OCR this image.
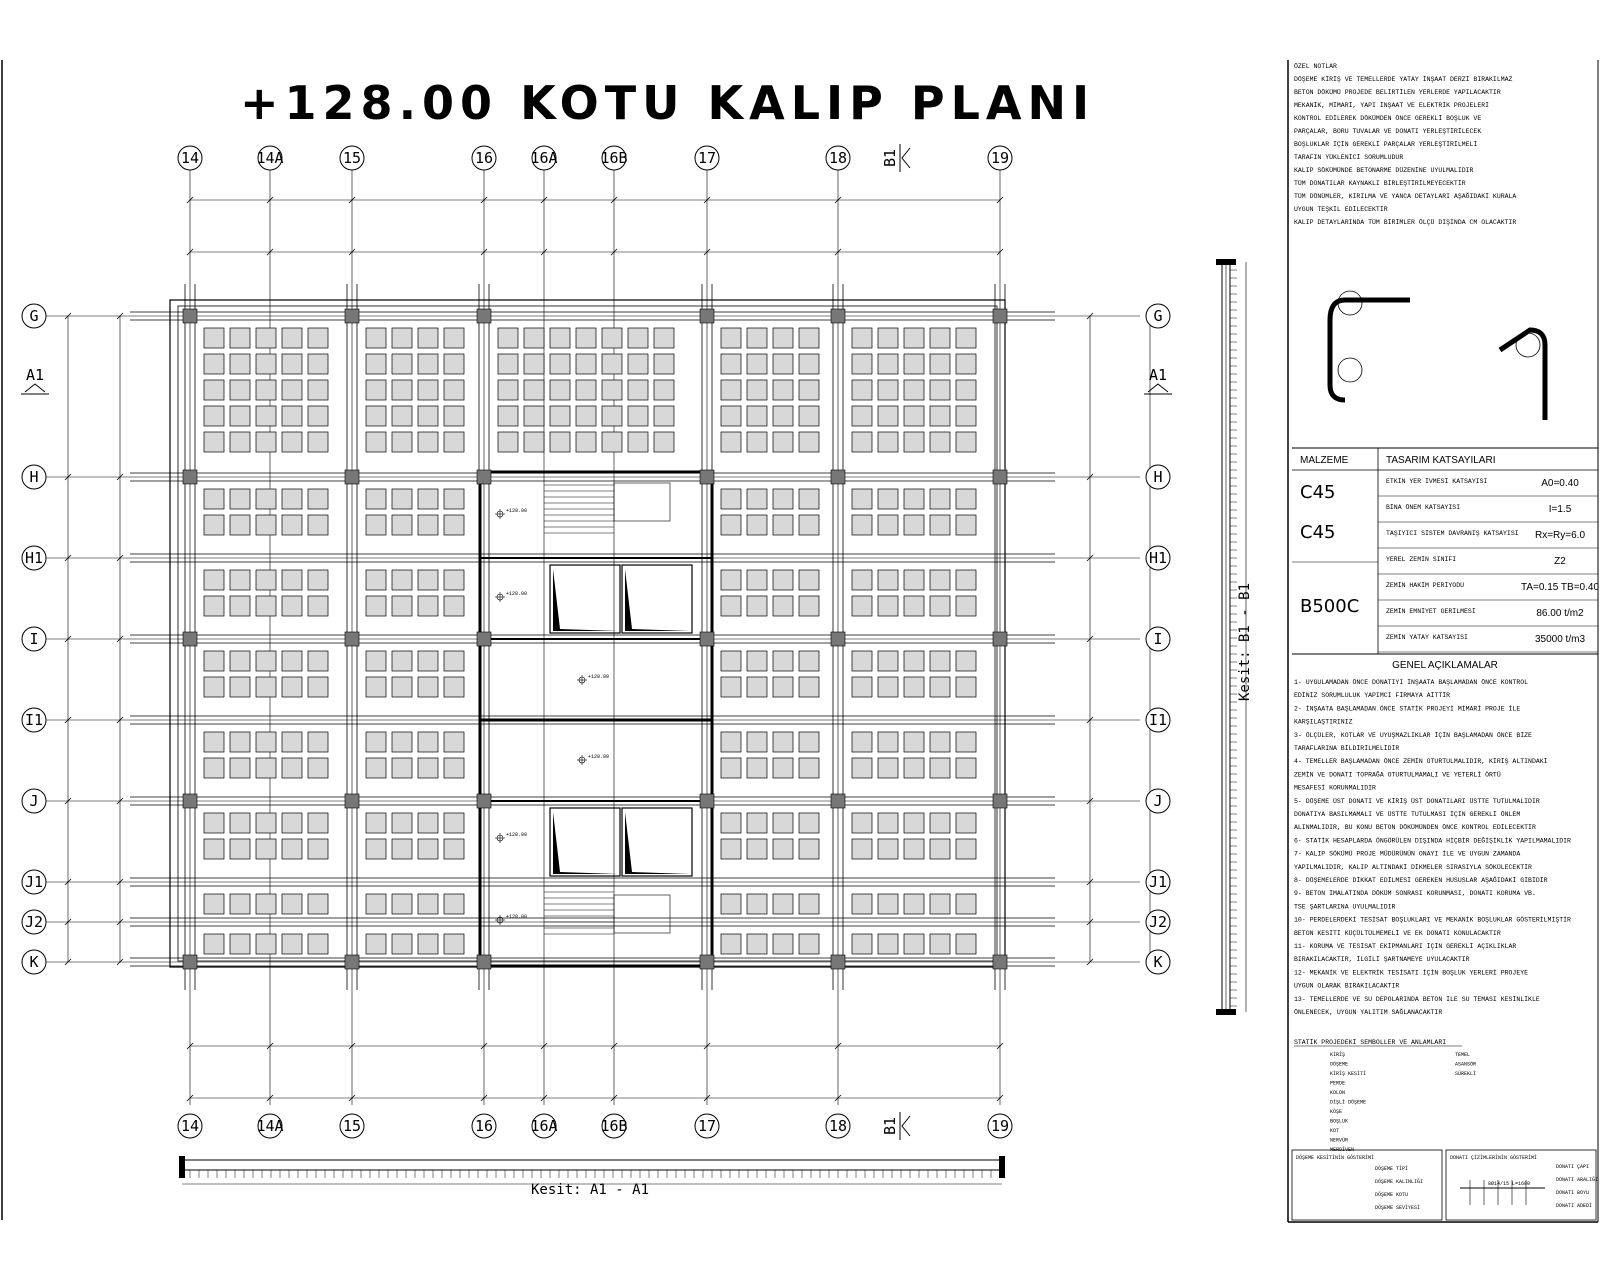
+128.00 KOTU KALIP PLANI
+128.00
+128.00
+128.00
+128.00
+128.00
+128.00
14
14
14A
14A
15
15
16
16
16A
16A
16B
16B
17
17
18
18
19
19
G	G
H	H
H1	H1
I	I
I1	I1
J	J
J1	J1
J2	J2
K	K
A1	A1
B1
B1
ÖZEL NOTLAR
DÖŞEME KİRİŞ VE TEMELLERDE YATAY İNŞAAT DERZİ BIRAKILMAZ
BETON DÖKÜMÜ PROJEDE BELİRTİLEN YERLERDE YAPILACAKTIR
MEKANİK, MİMARİ, YAPI İNŞAAT VE ELEKTRİK PROJELERİ
KONTROL EDİLEREK DÖKÜMDEN ÖNCE GEREKLİ BOŞLUK VE
PARÇALAR, BORU TUVALAR VE DONATI YERLEŞTİRİLECEK
BOŞLUKLAR İÇİN GEREKLİ PARÇALAR YERLEŞTİRİLMELİ
TARAFIN YÜKLENİCİ SORUMLUDUR
KALIP SÖKÜMÜNDE BETONARME DÜZENİNE UYULMALIDIR
TÜM DONATILAR KAYNAKLI BİRLEŞTİRİLMEYECEKTİR
TÜM DÖNÜMLER, KIRILMA VE YANCA DETAYLARI AŞAĞIDAKİ KURALA
UYGUN TEŞKİL EDİLECEKTİR
KALIP DETAYLARINDA TÜM BİRİMLER ÖLÇÜ DIŞINDA CM OLACAKTIR
MALZEME	TASARIM KATSAYILARI
ETKİN YER İVMESİ KATSAYISI	A0=0.40
BİNA ÖNEM KATSAYISI	I=1.5
TAŞIYICI SİSTEM DAVRANIŞ KATSAYISI Rx=Ry=6.0
YEREL ZEMİN SINIFI	Z2
ZEMİN HAKİM PERİYODU	TA=0.15 TB=0.40
ZEMİN EMNİYET GERİLMESİ	86.00 t/m2
ZEMİN YATAY KATSAYISI	35000 t/m3
C45
C45
B500C
GENEL AÇIKLAMALAR
1- UYGULAMADAN ÖNCE DONATIYI İNŞAATA BAŞLAMADAN ÖNCE KONTROL
EDİNİZ SORUMLULUK YAPIMCI FİRMAYA AİTTİR
2- İNŞAATA BAŞLAMADAN ÖNCE STATİK PROJEYİ MİMARİ PROJE İLE
KARŞILAŞTIRINIZ
3- ÖLÇÜLER, KOTLAR VE UYUŞMAZLIKLAR İÇİN BAŞLAMADAN ÖNCE BİZE
TARAFLARINA BİLDİRİLMELİDİR
4- TEMELLER BAŞLAMADAN ÖNCE ZEMİN OTURTULMALIDIR, KİRİŞ ALTINDAKİ
ZEMİN VE DONATI TOPRAĞA OTURTULMAMALI VE YETERLİ ÖRTÜ
MESAFESİ KORUNMALIDIR
5- DÖŞEME ÜST DONATI VE KİRİŞ ÜST DONATILARI ÜSTTE TUTULMALIDIR
DONATIYA BASILMAMALI VE ÜSTTE TUTULMASI İÇİN GEREKLİ ÖNLEM
ALINMALIDIR, BU KONU BETON DÖKÜMÜNDEN ÖNCE KONTROL EDİLECEKTİR
6- STATİK HESAPLARDA ÖNGÖRÜLEN DIŞINDA HİÇBİR DEĞİŞİKLİK YAPILMAMALIDIR
7- KALIP SÖKÜMÜ PROJE MÜDÜRÜNÜN ONAYI İLE VE UYGUN ZAMANDA
YAPILMALIDIR, KALIP ALTINDAKİ DİKMELER SIRASIYLA SÖKÜLECEKTİR
8- DÖŞEMELERDE DİKKAT EDİLMESİ GEREKEN HUSUSLAR AŞAĞIDAKİ GİBİDİR
9- BETON İMALATINDA DÖKÜM SONRASI KORUNMASI, DONATI KORUMA VB.
TSE ŞARTLARINA UYULMALIDIR
10- PERDELERDEKİ TESİSAT BOŞLUKLARI VE MEKANİK BOŞLUKLAR GÖSTERİLMİŞTİR
BETON KESİTİ KÜÇÜLTÜLMEMELİ VE EK DONATI KONULACAKTIR
11- KORUMA VE TESİSAT EKİPMANLARI İÇİN GEREKLİ AÇIKLIKLAR
BIRAKILACAKTIR, İLGİLİ ŞARTNAMEYE UYULACAKTIR
12- MEKANİK VE ELEKTRİK TESİSATI İÇİN BOŞLUK YERLERİ PROJEYE
UYGUN OLARAK BIRAKILACAKTIR
13- TEMELLERDE VE SU DEPOLARINDA BETON İLE SU TEMASI KESİNLİKLE
ÖNLENECEK, UYGUN YALITIM SAĞLANACAKTIR
STATİK PROJEDEKİ SEMBOLLER VE ANLAMLARI
KİRİŞ
DÖŞEME
KİRİŞ KESİTİ
PERDE
KOLON
DİŞLİ DÖŞEME
KÖŞE
BOŞLUK
KOT
NERVÜR
MERDİVEN
TEMEL
ASANSÖR
SÜREKLİ
DÖŞEME KESİTİNİN GÖSTERİMİ	DONATI ÇİZİMLERİNİN GÖSTERİMİ
DÖŞEME TİPİ
DÖŞEME KALINLIĞI
DÖŞEME KOTU
DÖŞEME SEVİYESİ
DONATI ÇAPI
DONATI ARALIĞI
DONATI BOYU
DONATI ADEDİ
8Ø14/15 L=1600
Kesit: A1 - A1
Kesit: B1 - B1
